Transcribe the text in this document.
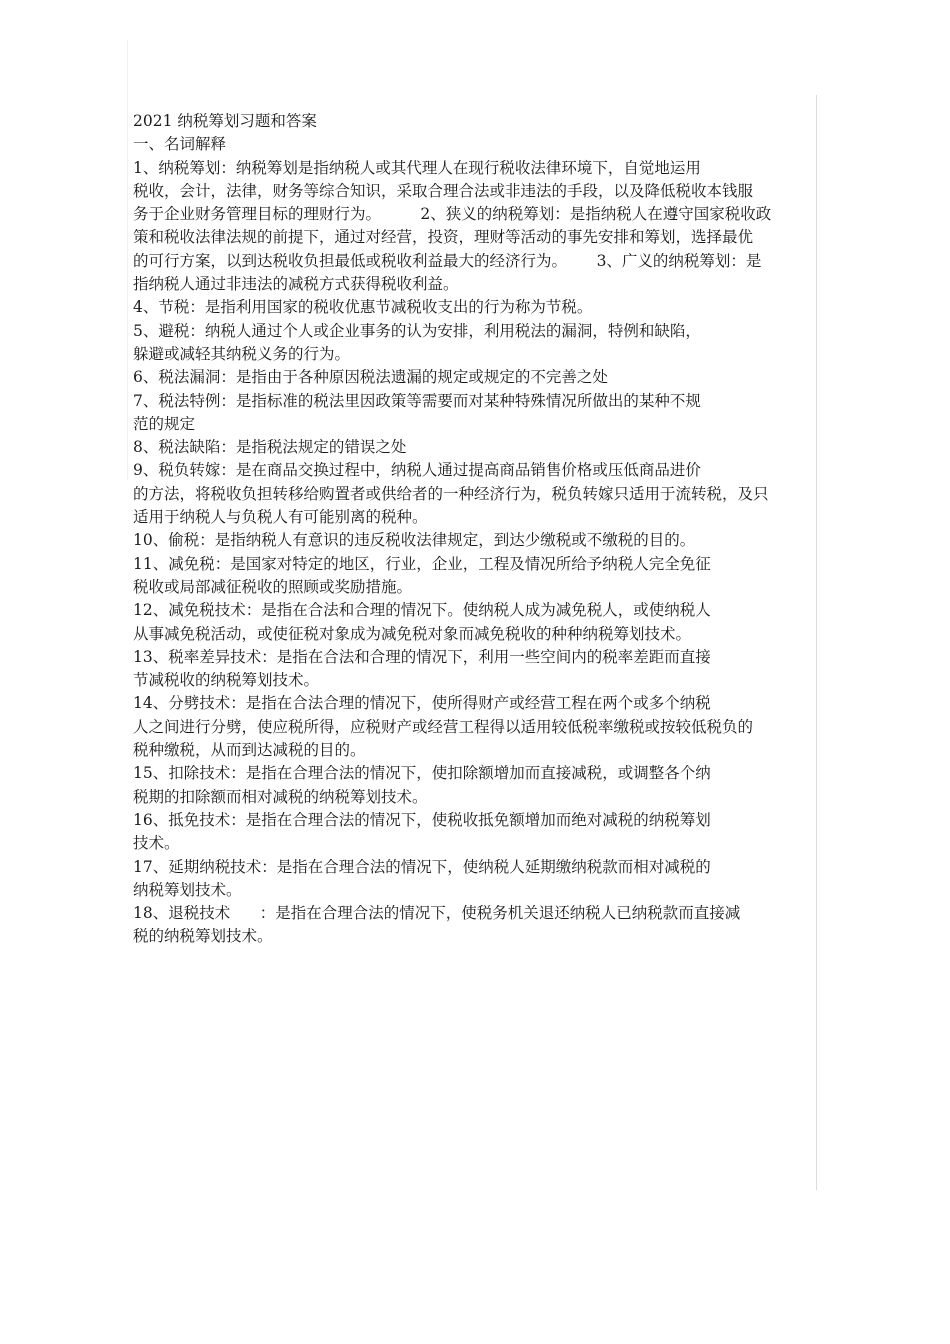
2021 纳税筹划习题和答案
一、名词解释
1、纳税筹划：纳税筹划是指纳税人或其代理人在现行税收法律环境下，自觉地运用
税收，会计，法律，财务等综合知识，采取合理合法或非违法的手段，以及降低税收本钱服
务于企业财务管理目标的理财行为。        2、狭义的纳税筹划：是指纳税人在遵守国家税收政
策和税收法律法规的前提下，通过对经营，投资，理财等活动的事先安排和筹划，选择最优
的可行方案，以到达税收负担最低或税收利益最大的经济行为。      3、广义的纳税筹划：是
指纳税人通过非违法的减税方式获得税收利益。
4、节税：是指利用国家的税收优惠节减税收支出的行为称为节税。
5、避税：纳税人通过个人或企业事务的认为安排，利用税法的漏洞，特例和缺陷，
躲避或减轻其纳税义务的行为。
6、税法漏洞：是指由于各种原因税法遗漏的规定或规定的不完善之处
7、税法特例：是指标准的税法里因政策等需要而对某种特殊情况所做出的某种不规
范的规定
8、税法缺陷：是指税法规定的错误之处
9、税负转嫁：是在商品交换过程中，纳税人通过提高商品销售价格或压低商品进价
的方法，将税收负担转移给购置者或供给者的一种经济行为，税负转嫁只适用于流转税，及只
适用于纳税人与负税人有可能别离的税种。
10、偷税：是指纳税人有意识的违反税收法律规定，到达少缴税或不缴税的目的。
11、减免税：是国家对特定的地区，行业，企业，工程及情况所给予纳税人完全免征
税收或局部减征税收的照顾或奖励措施。
12、减免税技术：是指在合法和合理的情况下。使纳税人成为减免税人，或使纳税人
从事减免税活动，或使征税对象成为减免税对象而减免税收的种种纳税筹划技术。
13、税率差异技术：是指在合法和合理的情况下，利用一些空间内的税率差距而直接
节减税收的纳税筹划技术。
14、分劈技术：是指在合法合理的情况下，使所得财产或经营工程在两个或多个纳税
人之间进行分劈，使应税所得，应税财产或经营工程得以适用较低税率缴税或按较低税负的
税种缴税，从而到达减税的目的。
15、扣除技术：是指在合理合法的情况下，使扣除额增加而直接减税，或调整各个纳
税期的扣除额而相对减税的纳税筹划技术。
16、抵免技术：是指在合理合法的情况下，使税收抵免额增加而绝对减税的纳税筹划
技术。
17、延期纳税技术：是指在合理合法的情况下，使纳税人延期缴纳税款而相对减税的
纳税筹划技术。
18、退税技术      ：是指在合理合法的情况下，使税务机关退还纳税人已纳税款而直接减
税的纳税筹划技术。
